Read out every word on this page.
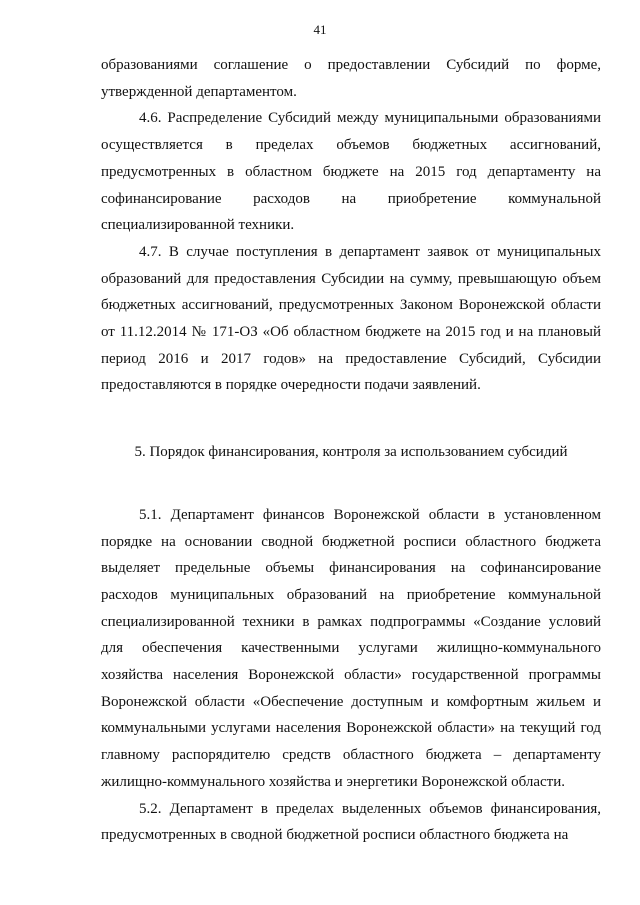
41

образованиями соглашение о предоставлении Субсидий по форме, утвержденной департаментом.

4.6. Распределение Субсидий между муниципальными образованиями осуществляется в пределах объемов бюджетных ассигнований, предусмотренных в областном бюджете на 2015 год департаменту на софинансирование расходов на приобретение коммунальной специализированной техники.

4.7. В случае поступления в департамент заявок от муниципальных образований для предоставления Субсидии на сумму, превышающую объем бюджетных ассигнований, предусмотренных Законом Воронежской области от 11.12.2014 № 171-ОЗ «Об областном бюджете на 2015 год и на плановый период 2016 и 2017 годов» на предоставление Субсидий, Субсидии предоставляются в порядке очередности подачи заявлений.

5. Порядок финансирования, контроля за использованием субсидий

5.1. Департамент финансов Воронежской области в установленном порядке на основании сводной бюджетной росписи областного бюджета выделяет предельные объемы финансирования на софинансирование расходов муниципальных образований на приобретение коммунальной специализированной техники в рамках подпрограммы «Создание условий для обеспечения качественными услугами жилищно-коммунального хозяйства населения Воронежской области» государственной программы Воронежской области «Обеспечение доступным и комфортным жильем и коммунальными услугами населения Воронежской области» на текущий год главному распорядителю средств областного бюджета – департаменту жилищно-коммунального хозяйства и энергетики Воронежской области.

5.2. Департамент в пределах выделенных объемов финансирования, предусмотренных в сводной бюджетной росписи областного бюджета на
